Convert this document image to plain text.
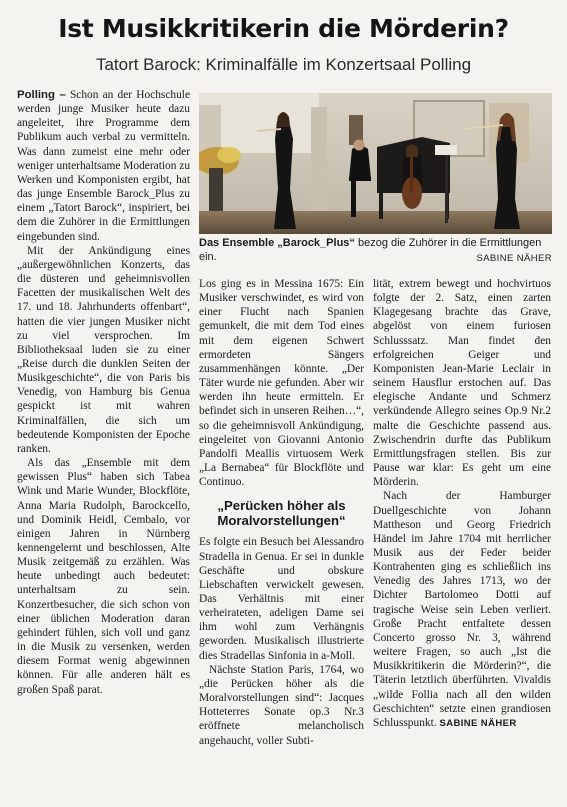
Ist Musikkritikerin die Mörderin?
Tatort Barock: Kriminalfälle im Konzertsaal Polling

Polling – Schon an der Hochschule werden junge Musiker heute dazu angeleitet, ihre Programme dem Publikum auch verbal zu vermitteln. Was dann zumeist eine mehr oder weniger unterhaltsame Moderation zu Werken und Komponisten ergibt, hat das junge Ensemble Barock_Plus zu einem „Tatort Barock“, inspiriert, bei dem die Zuhörer in die Ermittlungen eingebunden sind.

Mit der Ankündigung eines „außergewöhnlichen Konzerts, das die düsteren und geheimnisvollen Facetten der musikalischen Welt des 17. und 18. Jahrhunderts offenbart“, hatten die vier jungen Musiker nicht zu viel versprochen. Im Bibliotheksaal luden sie zu einer „Reise durch die dunklen Seiten der Musikgeschichte“, die von Paris bis Venedig, von Hamburg bis Genua gespickt ist mit wahren Kriminalfällen, die sich um bedeutende Komponisten der Epoche ranken.

Als das „Ensemble mit dem gewissen Plus“ haben sich Tabea Wink und Marie Wunder, Blockflöte, Anna Maria Rudolph, Barockcello, und Dominik Heidl, Cembalo, vor einigen Jahren in Nürnberg kennengelernt und beschlossen, Alte Musik zeitgemäß zu erzählen. Was heute unbedingt auch bedeutet: unterhaltsam zu sein. Konzertbesucher, die sich schon von einer üblichen Moderation daran gehindert fühlen, sich voll und ganz in die Musik zu versenken, werden diesem Format wenig abgewinnen können. Für alle anderen hält es großen Spaß parat.

Das Ensemble „Barock_Plus“ bezog die Zuhörer in die Ermittlungen ein.	SABINE NÄHER

Los ging es in Messina 1675: Ein Musiker verschwindet, es wird von einer Flucht nach Spanien gemunkelt, die mit dem Tod eines mit dem eigenen Schwert ermordeten Sängers zusammenhängen könnte. „Der Täter wurde nie gefunden. Aber wir werden ihn heute ermitteln. Er befindet sich in unseren Reihen…“, so die geheimnisvoll Ankündigung, eingeleitet von Giovanni Antonio Pandolfi Meallis virtuosem Werk „La Bernabea“ für Blockflöte und Continuo.

„Perücken höher als Moralvorstellungen“

Es folgte ein Besuch bei Alessandro Stradella in Genua. Er sei in dunkle Geschäfte und obskure Liebschaften verwickelt gewesen. Das Verhältnis mit einer verheirateten, adeligen Dame sei ihm wohl zum Verhängnis geworden. Musikalisch illustrierte dies Stradellas Sinfonia in a-Moll.

Nächste Station Paris, 1764, wo „die Perücken höher als die Moralvorstellungen sind“: Jacques Hotteterres Sonate op.3 Nr.3 eröffnete melancholisch angehaucht, voller Subti-

lität, extrem bewegt und hochvirtuos folgte der 2. Satz, einen zarten Klagegesang brachte das Grave, abgelöst von einem furiosen Schlusssatz. Man findet den erfolgreichen Geiger und Komponisten Jean-Marie Leclair in seinem Hausflur erstochen auf. Das elegische Andante und Schmerz verkündende Allegro seines Op.9 Nr.2 malte die Geschichte passend aus. Zwischendrin durfte das Publikum Ermittlungsfragen stellen. Bis zur Pause war klar: Es geht um eine Mörderin.

Nach der Hamburger Duellgeschichte von Johann Mattheson und Georg Friedrich Händel im Jahre 1704 mit herrlicher Musik aus der Feder beider Kontrahenten ging es schließlich ins Venedig des Jahres 1713, wo der Dichter Bartolomeo Dotti auf tragische Weise sein Leben verliert. Große Pracht entfaltete dessen Concerto grosso Nr. 3, während weitere Fragen, so auch „Ist die Musikkritikerin die Mörderin?“, die Täterin letztlich überführten. Vivaldis „wilde Follia nach all den wilden Geschichten“ setzte einen grandiosen Schlusspunkt. SABINE NÄHER
